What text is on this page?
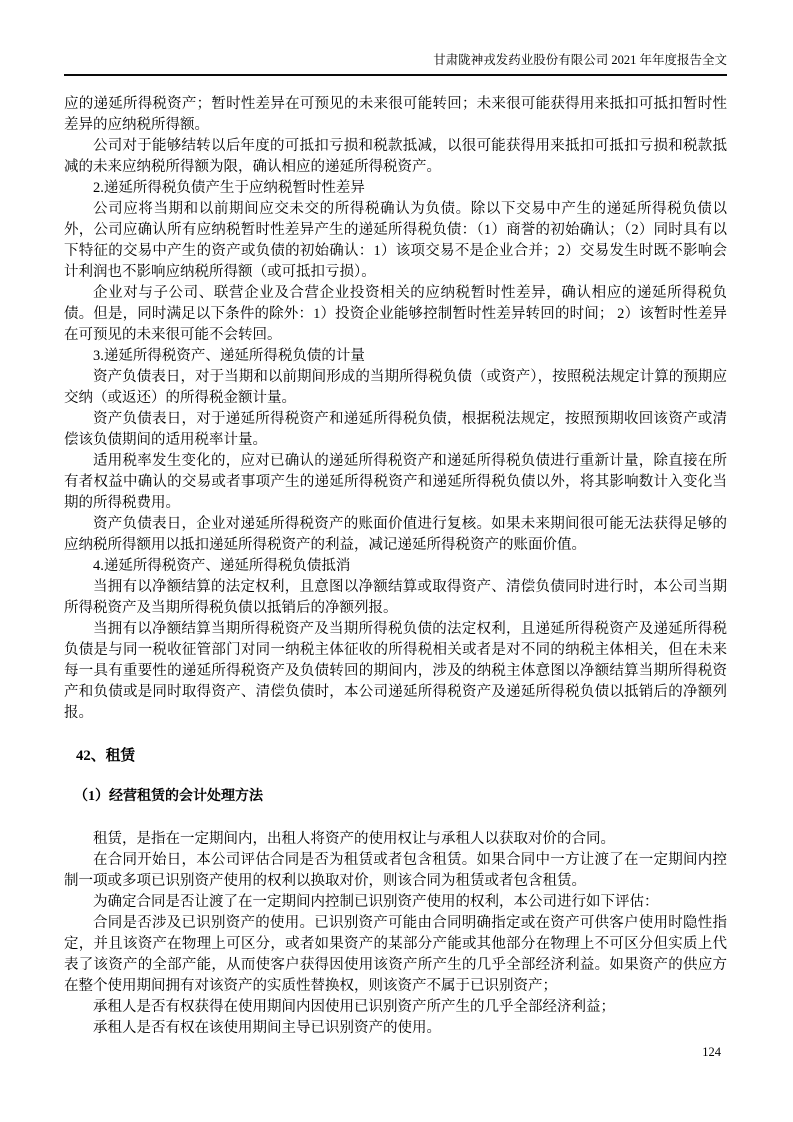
甘肃陇神戎发药业股份有限公司 2021 年年度报告全文

应的递延所得税资产；暂时性差异在可预见的未来很可能转回；未来很可能获得用来抵扣可抵扣暂时性差异的应纳税所得额。

公司对于能够结转以后年度的可抵扣亏损和税款抵减，以很可能获得用来抵扣可抵扣亏损和税款抵减的未来应纳税所得额为限，确认相应的递延所得税资产。

2.递延所得税负债产生于应纳税暂时性差异

公司应将当期和以前期间应交未交的所得税确认为负债。除以下交易中产生的递延所得税负债以外，公司应确认所有应纳税暂时性差异产生的递延所得税负债：（1）商誉的初始确认；（2）同时具有以下特征的交易中产生的资产或负债的初始确认：1）该项交易不是企业合并；2）交易发生时既不影响会计利润也不影响应纳税所得额（或可抵扣亏损）。

企业对与子公司、联营企业及合营企业投资相关的应纳税暂时性差异，确认相应的递延所得税负债。但是，同时满足以下条件的除外：1）投资企业能够控制暂时性差异转回的时间； 2）该暂时性差异在可预见的未来很可能不会转回。

3.递延所得税资产、递延所得税负债的计量

资产负债表日，对于当期和以前期间形成的当期所得税负债（或资产），按照税法规定计算的预期应交纳（或返还）的所得税金额计量。

资产负债表日，对于递延所得税资产和递延所得税负债，根据税法规定，按照预期收回该资产或清偿该负债期间的适用税率计量。

适用税率发生变化的，应对已确认的递延所得税资产和递延所得税负债进行重新计量，除直接在所有者权益中确认的交易或者事项产生的递延所得税资产和递延所得税负债以外，将其影响数计入变化当期的所得税费用。

资产负债表日，企业对递延所得税资产的账面价值进行复核。如果未来期间很可能无法获得足够的应纳税所得额用以抵扣递延所得税资产的利益，减记递延所得税资产的账面价值。

4.递延所得税资产、递延所得税负债抵消

当拥有以净额结算的法定权利，且意图以净额结算或取得资产、清偿负债同时进行时，本公司当期所得税资产及当期所得税负债以抵销后的净额列报。

当拥有以净额结算当期所得税资产及当期所得税负债的法定权利，且递延所得税资产及递延所得税负债是与同一税收征管部门对同一纳税主体征收的所得税相关或者是对不同的纳税主体相关，但在未来每一具有重要性的递延所得税资产及负债转回的期间内，涉及的纳税主体意图以净额结算当期所得税资产和负债或是同时取得资产、清偿负债时，本公司递延所得税资产及递延所得税负债以抵销后的净额列报。

42、租赁
（1）经营租赁的会计处理方法

租赁，是指在一定期间内，出租人将资产的使用权让与承租人以获取对价的合同。

在合同开始日，本公司评估合同是否为租赁或者包含租赁。如果合同中一方让渡了在一定期间内控制一项或多项已识别资产使用的权利以换取对价，则该合同为租赁或者包含租赁。

为确定合同是否让渡了在一定期间内控制已识别资产使用的权利，本公司进行如下评估：

合同是否涉及已识别资产的使用。已识别资产可能由合同明确指定或在资产可供客户使用时隐性指定，并且该资产在物理上可区分，或者如果资产的某部分产能或其他部分在物理上不可区分但实质上代表了该资产的全部产能，从而使客户获得因使用该资产所产生的几乎全部经济利益。如果资产的供应方在整个使用期间拥有对该资产的实质性替换权，则该资产不属于已识别资产；

承租人是否有权获得在使用期间内因使用已识别资产所产生的几乎全部经济利益；

承租人是否有权在该使用期间主导已识别资产的使用。

124
